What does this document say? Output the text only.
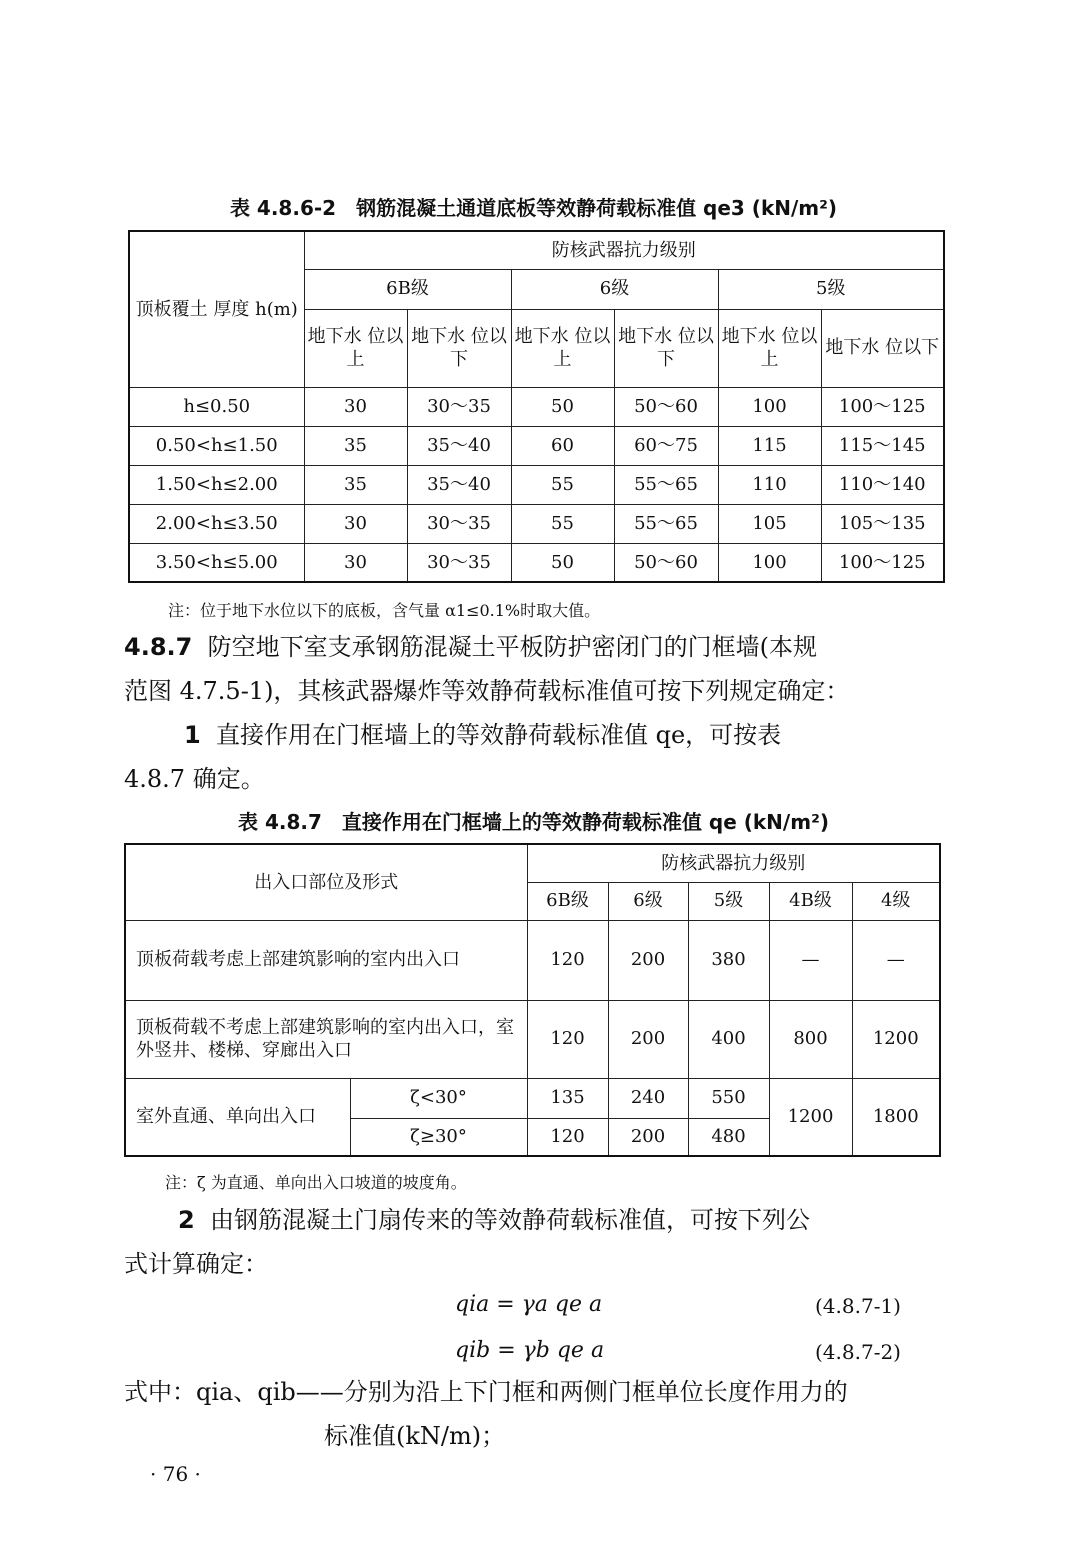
表 4.8.6-2　钢筋混凝土通道底板等效静荷载标准值 qe3 (kN/m²)
顶板覆土 厚度 h(m)	防核武器抗力级别					
	6B级		6级		5级	
	地下水 位以上	地下水 位以下	地下水 位以上	地下水 位以下	地下水 位以上	地下水 位以下
h≤0.50	30	30～35	50	50～60	100	100～125
0.50<h≤1.50	35	35～40	60	60～75	115	115～145
1.50<h≤2.00	35	35～40	55	55～65	110	110～140
2.00<h≤3.50	30	30～35	55	55～65	105	105～135
3.50<h≤5.00	30	30～35	50	50～60	100	100～125
注：位于地下水位以下的底板，含气量 α1≤0.1%时取大值。
4.8.7 防空地下室支承钢筋混凝土平板防护密闭门的门框墙(本规
范图 4.7.5-1)，其核武器爆炸等效静荷载标准值可按下列规定确定：
1 直接作用在门框墙上的等效静荷载标准值 qe，可按表
4.8.7 确定。
表 4.8.7　直接作用在门框墙上的等效静荷载标准值 qe (kN/m²)
出入口部位及形式		防核武器抗力级别				
		6B级	6级	5级	4B级	4级
顶板荷载考虑上部建筑影响的室内出入口		120	200	380	—	—
顶板荷载不考虑上部建筑影响的室内出入口，室外竖井、楼梯、穿廊出入口		120	200	400	800	1200
室外直通、单向出入口	ζ<30°	135	240	550	1200	1800
	ζ≥30°	120	200	480		
注：ζ 为直通、单向出入口坡道的坡度角。
2 由钢筋混凝土门扇传来的等效静荷载标准值，可按下列公
式计算确定：
qia = γa qe a	(4.8.7-1)
qib = γb qe a	(4.8.7-2)
式中：qia、qib——分别为沿上下门框和两侧门框单位长度作用力的
标准值(kN/m)；
· 76 ·
